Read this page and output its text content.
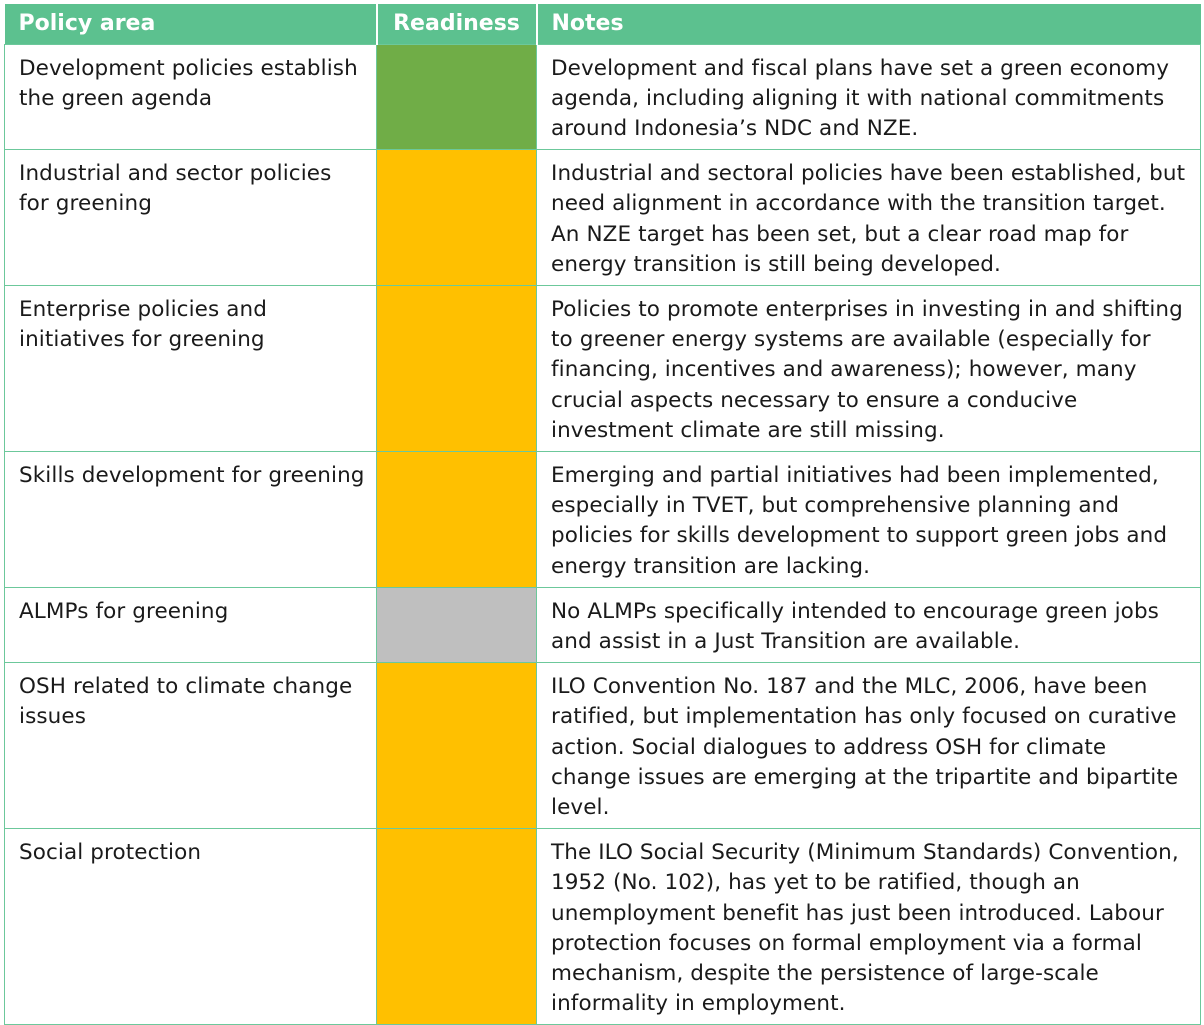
Policy area	Readiness	Notes
Development policies establish the green agenda		Development and fiscal plans have set a green economy agenda, including aligning it with national commitments around Indonesia’s NDC and NZE.
Industrial and sector policies for greening		Industrial and sectoral policies have been established, but need alignment in accordance with the transition target. An NZE target has been set, but a clear road map for energy transition is still being developed.
Enterprise policies and initiatives for greening		Policies to promote enterprises in investing in and shifting to greener energy systems are available (especially for financing, incentives and awareness); however, many crucial aspects necessary to ensure a conducive investment climate are still missing.
Skills development for greening		Emerging and partial initiatives had been implemented, especially in TVET, but comprehensive planning and policies for skills development to support green jobs and energy transition are lacking.
ALMPs for greening		No ALMPs specifically intended to encourage green jobs and assist in a Just Transition are available.
OSH related to climate change issues		ILO Convention No. 187 and the MLC, 2006, have been ratified, but implementation has only focused on curative action. Social dialogues to address OSH for climate change issues are emerging at the tripartite and bipartite level.
Social protection		The ILO Social Security (Minimum Standards) Convention, 1952 (No. 102), has yet to be ratified, though an unemployment benefit has just been introduced. Labour protection focuses on formal employment via a formal mechanism, despite the persistence of large-scale informality in employment.
